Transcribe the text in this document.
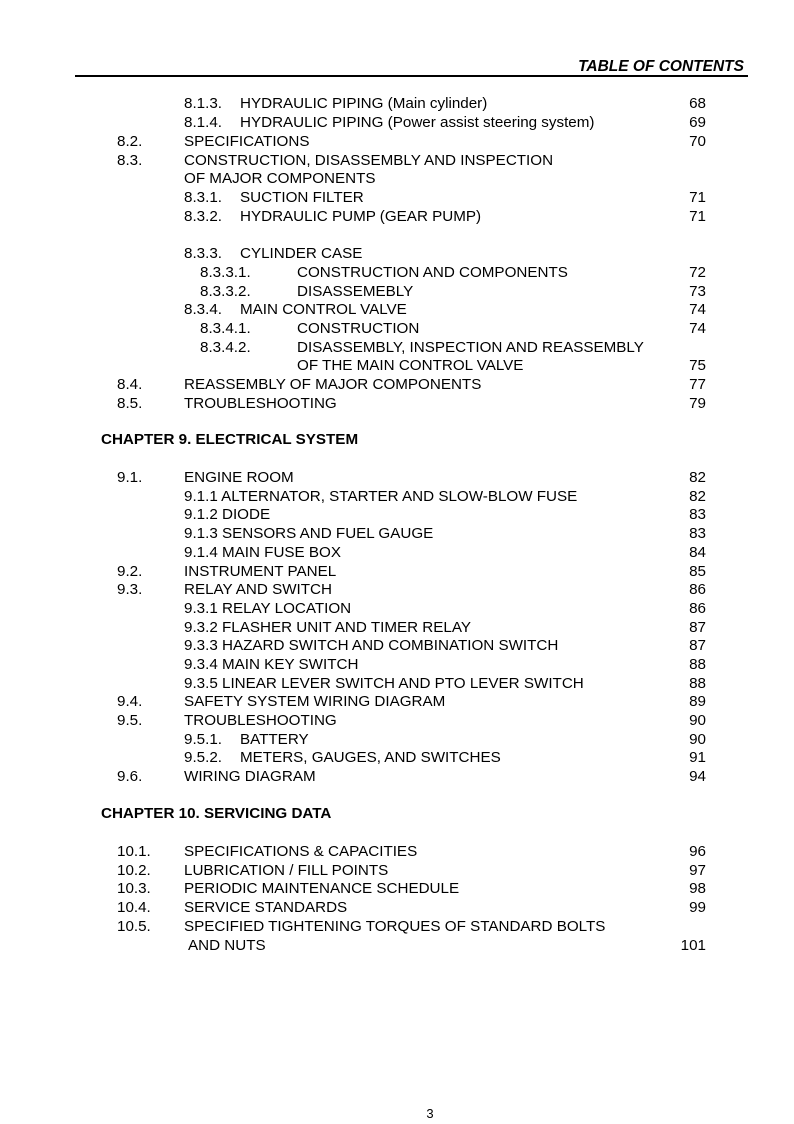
TABLE OF CONTENTS
8.1.3. HYDRAULIC PIPING (Main cylinder)	68
8.1.4. HYDRAULIC PIPING (Power assist steering system)	69
8.2.	SPECIFICATIONS	70
8.3.	CONSTRUCTION, DISASSEMBLY AND INSPECTION
OF MAJOR COMPONENTS
8.3.1. SUCTION FILTER	71
8.3.2. HYDRAULIC PUMP (GEAR PUMP)	71
8.3.3. CYLINDER CASE
8.3.3.1.	CONSTRUCTION AND COMPONENTS	72
8.3.3.2.	DISASSEMEBLY	73
8.3.4. MAIN CONTROL VALVE	74
8.3.4.1.	CONSTRUCTION	74
8.3.4.2.	DISASSEMBLY, INSPECTION AND REASSEMBLY
OF THE MAIN CONTROL VALVE	75
8.4.	REASSEMBLY OF MAJOR COMPONENTS	77
8.5.	TROUBLESHOOTING	79
CHAPTER 9. ELECTRICAL SYSTEM
9.1.	ENGINE ROOM	82
9.1.1 ALTERNATOR, STARTER AND SLOW-BLOW FUSE	82
9.1.2 DIODE	83
9.1.3 SENSORS AND FUEL GAUGE	83
9.1.4 MAIN FUSE BOX	84
9.2.	INSTRUMENT PANEL	85
9.3.	RELAY AND SWITCH	86
9.3.1 RELAY LOCATION	86
9.3.2 FLASHER UNIT AND TIMER RELAY	87
9.3.3 HAZARD SWITCH AND COMBINATION SWITCH	87
9.3.4 MAIN KEY SWITCH	88
9.3.5 LINEAR LEVER SWITCH AND PTO LEVER SWITCH	88
9.4.	SAFETY SYSTEM WIRING DIAGRAM	89
9.5.	TROUBLESHOOTING	90
9.5.1. BATTERY	90
9.5.2. METERS, GAUGES, AND SWITCHES	91
9.6.	WIRING DIAGRAM	94
CHAPTER 10. SERVICING DATA
10.1. SPECIFICATIONS & CAPACITIES	96
10.2. LUBRICATION / FILL POINTS	97
10.3. PERIODIC MAINTENANCE SCHEDULE	98
10.4. SERVICE STANDARDS	99
10.5. SPECIFIED TIGHTENING TORQUES OF STANDARD BOLTS
AND NUTS	101
3
